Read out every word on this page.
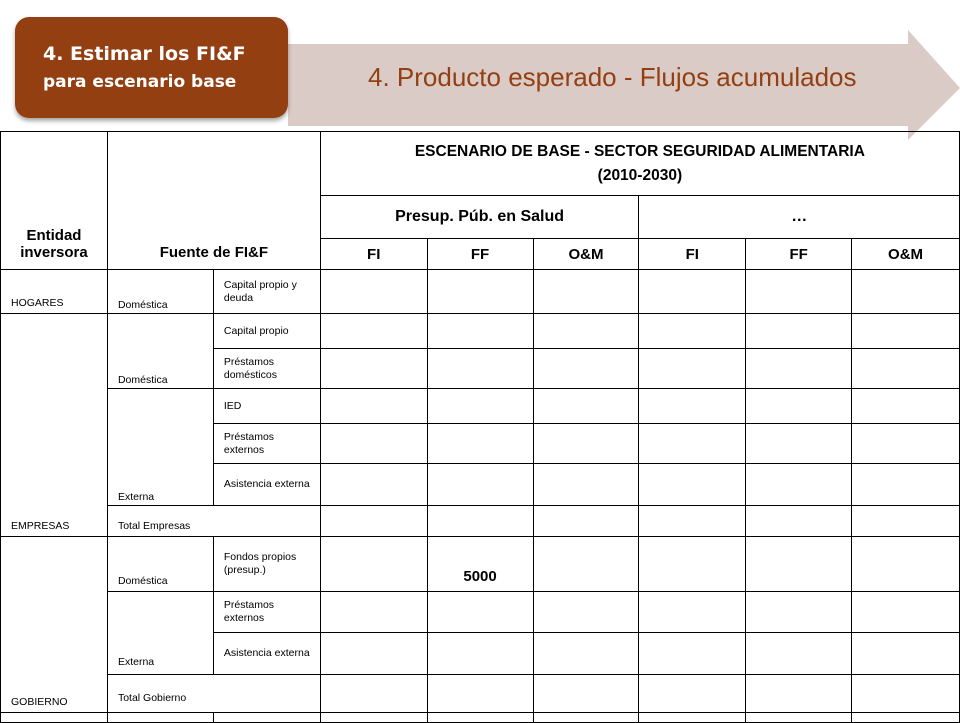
4. Estimar los FI&F
para escenario base	4. Producto esperado - Flujos acumulados
Entidad inversora	Fuente de FI&F		ESCENARIO DE BASE - SECTOR SEGURIDAD ALIMENTARIA
(2010-2030)					

			Presup. Púb. en Salud			…		
			FI	FF	O&M	FI	FF	O&M
HOGARES	Doméstica	Capital propio y deuda						
EMPRESAS	Doméstica	Capital propio						
		Préstamos domésticos						
	Externa	IED						
		Préstamos externos						
		Asistencia externa						
	Total Empresas							
GOBIERNO	Doméstica	Fondos propios (presup.)		5000				
	Externa	Préstamos externos						
		Asistencia externa						
	Total Gobierno							
